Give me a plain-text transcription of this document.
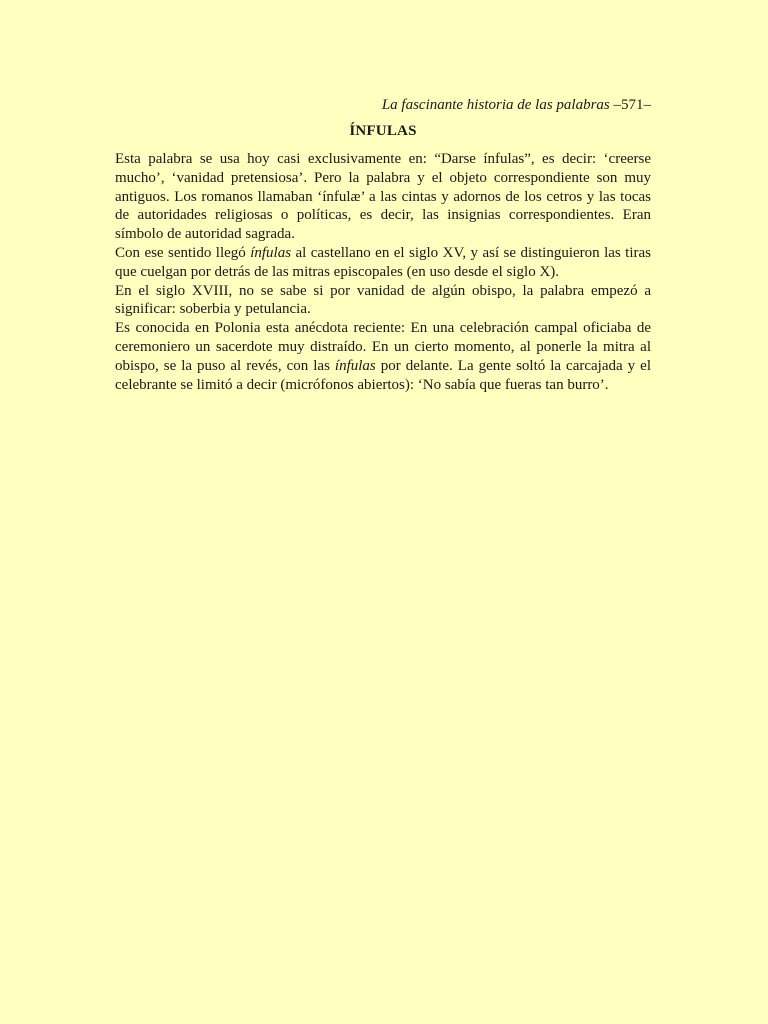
La fascinante historia de las palabras –571–

ÍNFULAS

Esta palabra se usa hoy casi exclusivamente en: “Darse ínfulas”, es decir: ‘creerse mucho’, ‘vanidad pretensiosa’. Pero la palabra y el objeto correspondiente son muy antiguos. Los romanos llamaban ‘ínfulæ’ a las cintas y adornos de los cetros y las tocas de autoridades religiosas o políticas, es decir, las insignias correspondientes. Eran símbolo de autoridad sagrada.

Con ese sentido llegó ínfulas al castellano en el siglo XV, y así se distinguieron las tiras que cuelgan por detrás de las mitras episcopales (en uso desde el siglo X).

En el siglo XVIII, no se sabe si por vanidad de algún obispo, la palabra empezó a significar: soberbia y petulancia.

Es conocida en Polonia esta anécdota reciente: En una celebración campal oficiaba de ceremoniero un sacerdote muy distraído. En un cierto momento, al ponerle la mitra al obispo, se la puso al revés, con las ínfulas por delante. La gente soltó la carcajada y el celebrante se limitó a decir (micrófonos abiertos): ‘No sabía que fueras tan burro’.
